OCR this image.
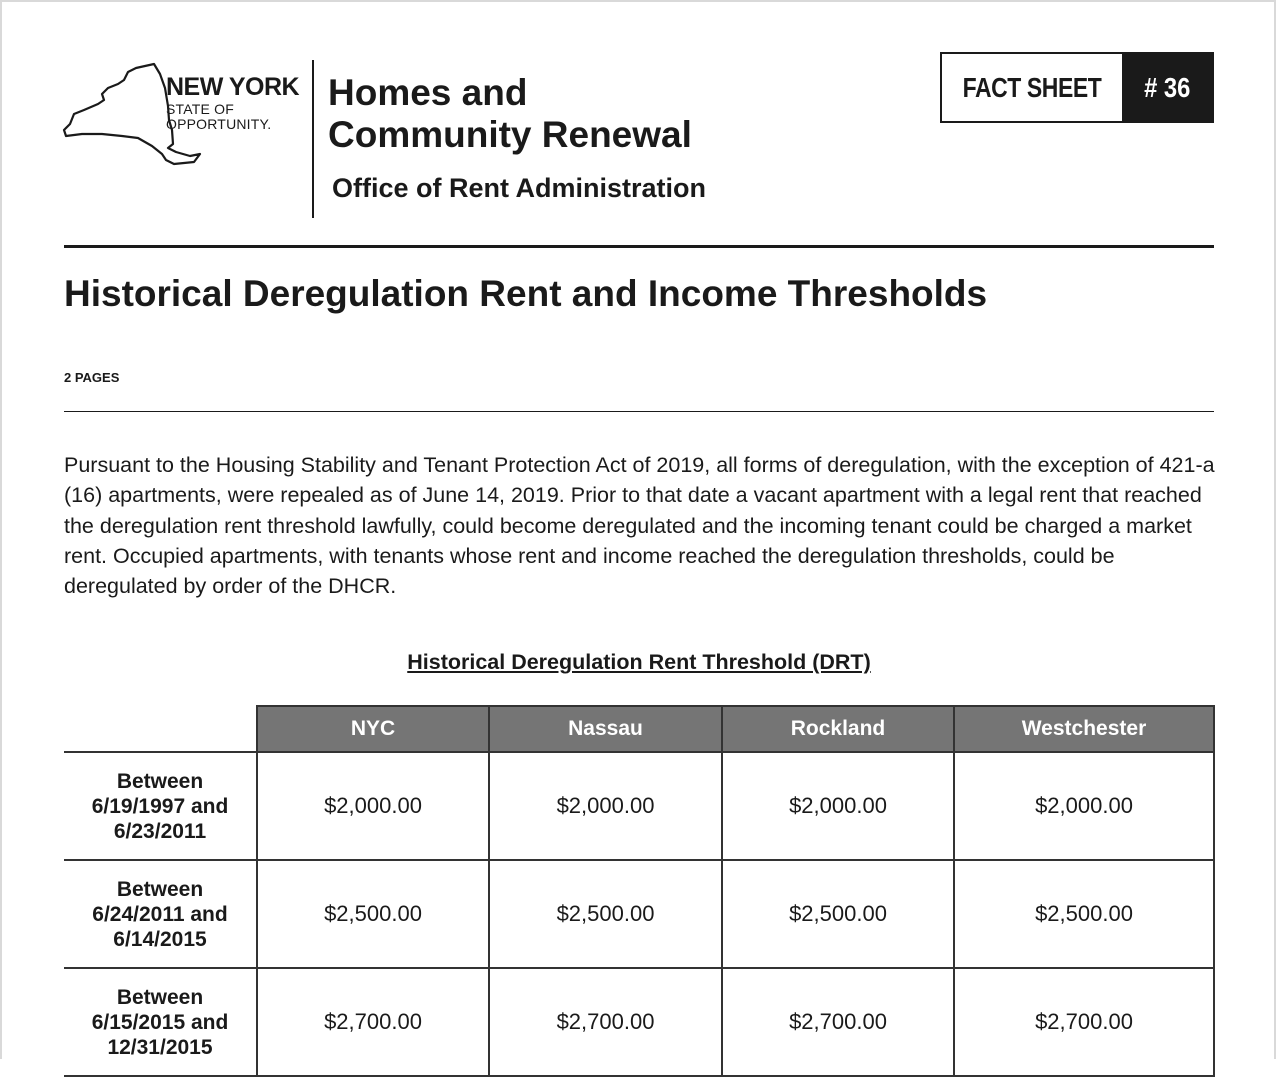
NEW YORK
STATE OF
OPPORTUNITY.
Homes and
Community Renewal
Office of Rent Administration
FACT SHEET # 36
Historical Deregulation Rent and Income Thresholds
2 PAGES

Pursuant to the Housing Stability and Tenant Protection Act of 2019, all forms of deregulation, with the exception of 421-a (16) apartments, were repealed as of June 14, 2019. Prior to that date a vacant apartment with a legal rent that reached the deregulation rent threshold lawfully, could become deregulated and the incoming tenant could be charged a market rent. Occupied apartments, with tenants whose rent and income reached the deregulation thresholds, could be deregulated by order of the DHCR.

Historical Deregulation Rent Threshold (DRT)
	NYC	Nassau	Rockland	Westchester

Between
6/19/1997 and
6/23/2011	$2,000.00	$2,000.00	$2,000.00	$2,000.00

Between
6/24/2011 and
6/14/2015	$2,500.00	$2,500.00	$2,500.00	$2,500.00

Between
6/15/2015 and
12/31/2015	$2,700.00	$2,700.00	$2,700.00	$2,700.00
